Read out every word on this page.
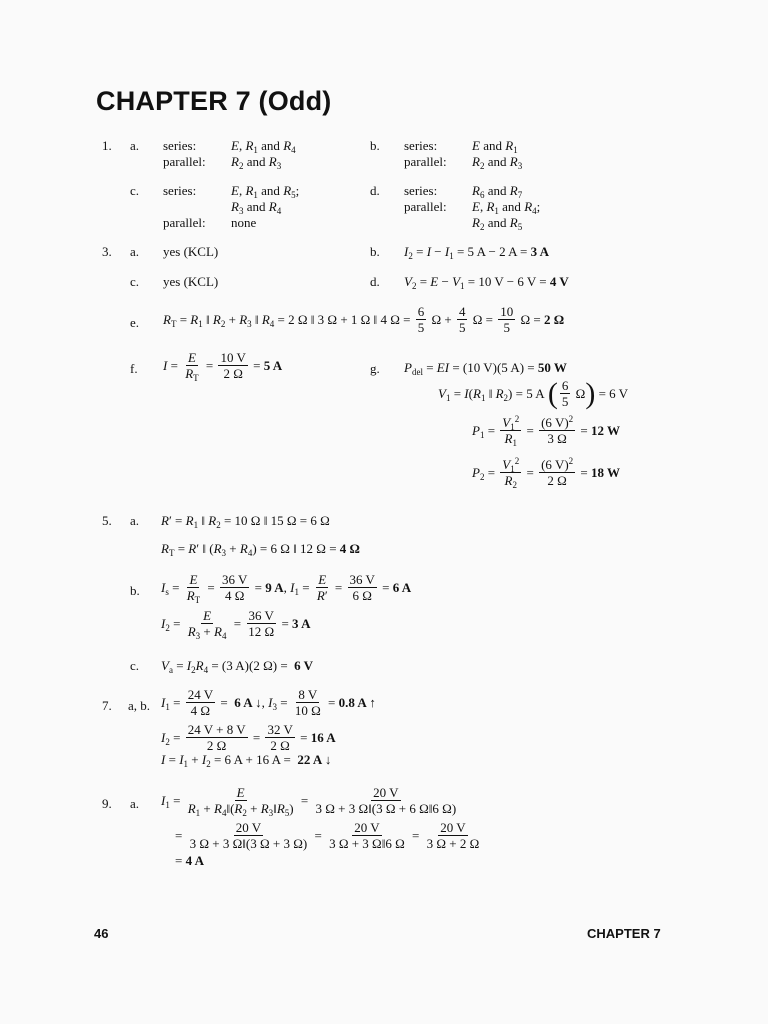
CHAPTER 7 (Odd)
1. a. series:	E, $R_1$ and $R_4$
parallel: $R_2$ and $R_3$
b. series:	E and $R_1$
parallel: $R_2$ and $R_3$
c. series:	E, $R_1$ and $R_5$;
$R_3$ and $R_4$
parallel: none
d. series:	$R_6$ and $R_7$
parallel: E, $R_1$ and $R_4$;
$R_2$ and $R_5$
3. a. yes (KCL)	b. $I_2 = I - I_1 = 5$ A − 2 A = 3 A
c. yes (KCL)	d. $V_2 = E - V_1 = 10$ V − 6 V = 4 V
e. $R_T = R_1$ ‖ $R_2 + R_3$ ‖ $R_4 = 2$ Ω ‖ 3 Ω + 1 Ω ‖ 4 $\Omega = \frac{6}{5}$ $\Omega + \frac{4}{5}$ $\Omega = \frac{10}{5}$ Ω = 2 Ω
f. $I = \frac{E}{R_T} = \frac{10 V}{2 \Omega} = 5$ A	g. $P_{del}$ = EI = (10 V)(5 A) = 50 W
$V_1 = I(R_1$ ‖ $R_2) = 5$ A ( $\frac{6}{5}$ Ω ) = 6 V
$P_1 = \frac{V_1^2}{R_1} = \frac{(6 V)^2}{3 \Omega} = 12$ W
$P_2 = \frac{V_1^2}{R_2} = \frac{(6 V)^2}{2 \Omega} = 18$ W
5. a. $R' = R_1$ ‖ $R_2 = 10$ Ω ‖ 15 Ω = 6 Ω
$R_T = R'$ ‖ $(R_3 + R_4) = 6$ Ω ‖ 12 Ω = 4 Ω
b. $I_s = \frac{E}{R_T} = \frac{36 V}{4 \Omega} = 9$ A, $I_1 = \frac{E}{R'} = \frac{36 V}{6 \Omega} = 6$ A
$I_2 = \frac{E}{R_3 + R_4} = \frac{36 V}{12 \Omega} = 3$ A
c. $V_a = I_2R_4 = (3$ A)(2 Ω) =  6 V
7. a, b. $I_1 = \frac{24 V}{4 \Omega} = 6$ A ↓, $I_3 = \frac{8 V}{10 \Omega} = 0.8$ A ↑
$I_2 = \frac{24 V + 8 V}{2 \Omega} = \frac{32 V}{2 \Omega} = 16$ A
$I = I_1 + I_2 = 6$ A + 16 A =  22 A ↓
9. a. $I_1 = \frac{E}{R_1 + R_4‖(R_2 + R_3‖R_5)} = \frac{20 V}{3 \Omega + 3 \Omega‖(3 \Omega + 6 \Omega‖6 \Omega)}$
= $\frac{20 V}{3 \Omega + 3 \Omega‖(3 \Omega + 3 \Omega)} = \frac{20 V}{3 \Omega + 3 \Omega‖6 \Omega} = \frac{20 V}{3 \Omega + 2 \Omega}$
= 4 A
46	CHAPTER 7
